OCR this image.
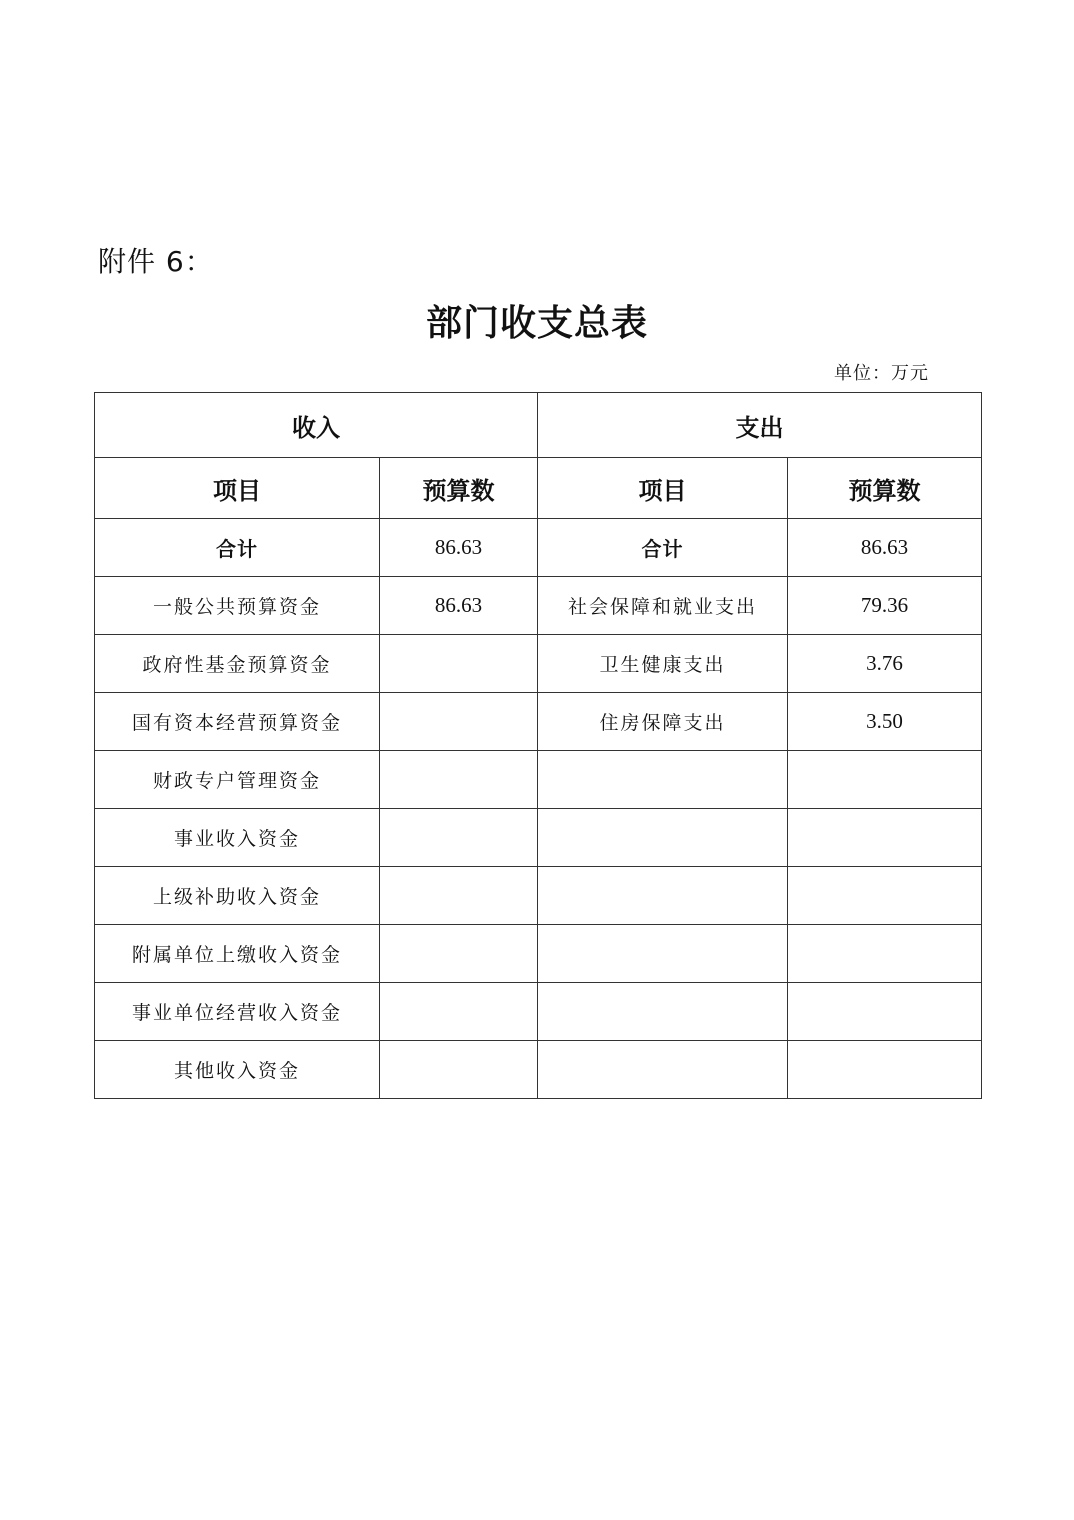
附件 6：
部门收支总表
单位：万元
收入		支出	
项目	预算数	项目	预算数
合计	86.63	合计	86.63
一般公共预算资金	86.63	社会保障和就业支出	79.36
政府性基金预算资金		卫生健康支出	3.76
国有资本经营预算资金		住房保障支出	3.50
财政专户管理资金			
事业收入资金			
上级补助收入资金			
附属单位上缴收入资金			
事业单位经营收入资金			
其他收入资金			
